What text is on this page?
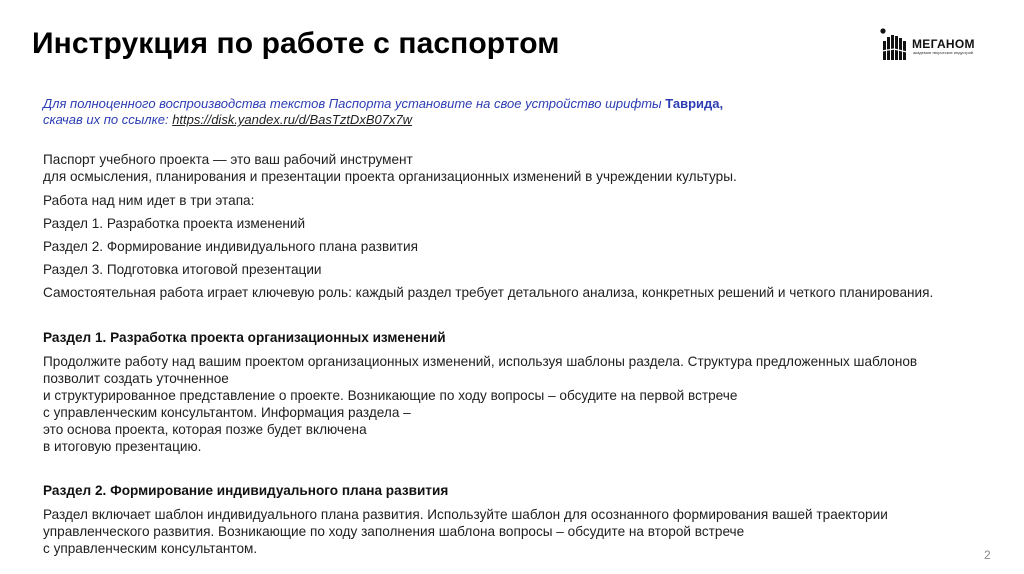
Инструкция по работе с паспортом	МЕГАНОМ
академия творческих индустрий
Для полноценного воспроизводства текстов Паспорта установите на свое устройство шрифты Таврида,
скачав их по ссылке: https://disk.yandex.ru/d/BasTztDxB07x7w

Паспорт учебного проекта — это ваш рабочий инструмент

для осмысления, планирования и презентации проекта организационных изменений в учреждении культуры.

Работа над ним идет в три этапа:
Раздел 1. Разработка проекта изменений
Раздел 2. Формирование индивидуального плана развития
Раздел 3. Подготовка итоговой презентации
Самостоятельная работа играет ключевую роль: каждый раздел требует детального анализа, конкретных решений и четкого планирования.
Раздел 1. Разработка проекта организационных изменений

Продолжите работу над вашим проектом организационных изменений, используя шаблоны раздела. Структура предложенных шаблонов

позволит создать уточненное

и структурированное представление о проекте. Возникающие по ходу вопросы – обсудите на первой встрече

с управленческим консультантом. Информация раздела –

это основа проекта, которая позже будет включена

в итоговую презентацию.

Раздел 2. Формирование индивидуального плана развития

Раздел включает шаблон индивидуального плана развития. Используйте шаблон для осознанного формирования вашей траектории

управленческого развития. Возникающие по ходу заполнения шаблона вопросы – обсудите на второй встрече

с управленческим консультантом.	2
